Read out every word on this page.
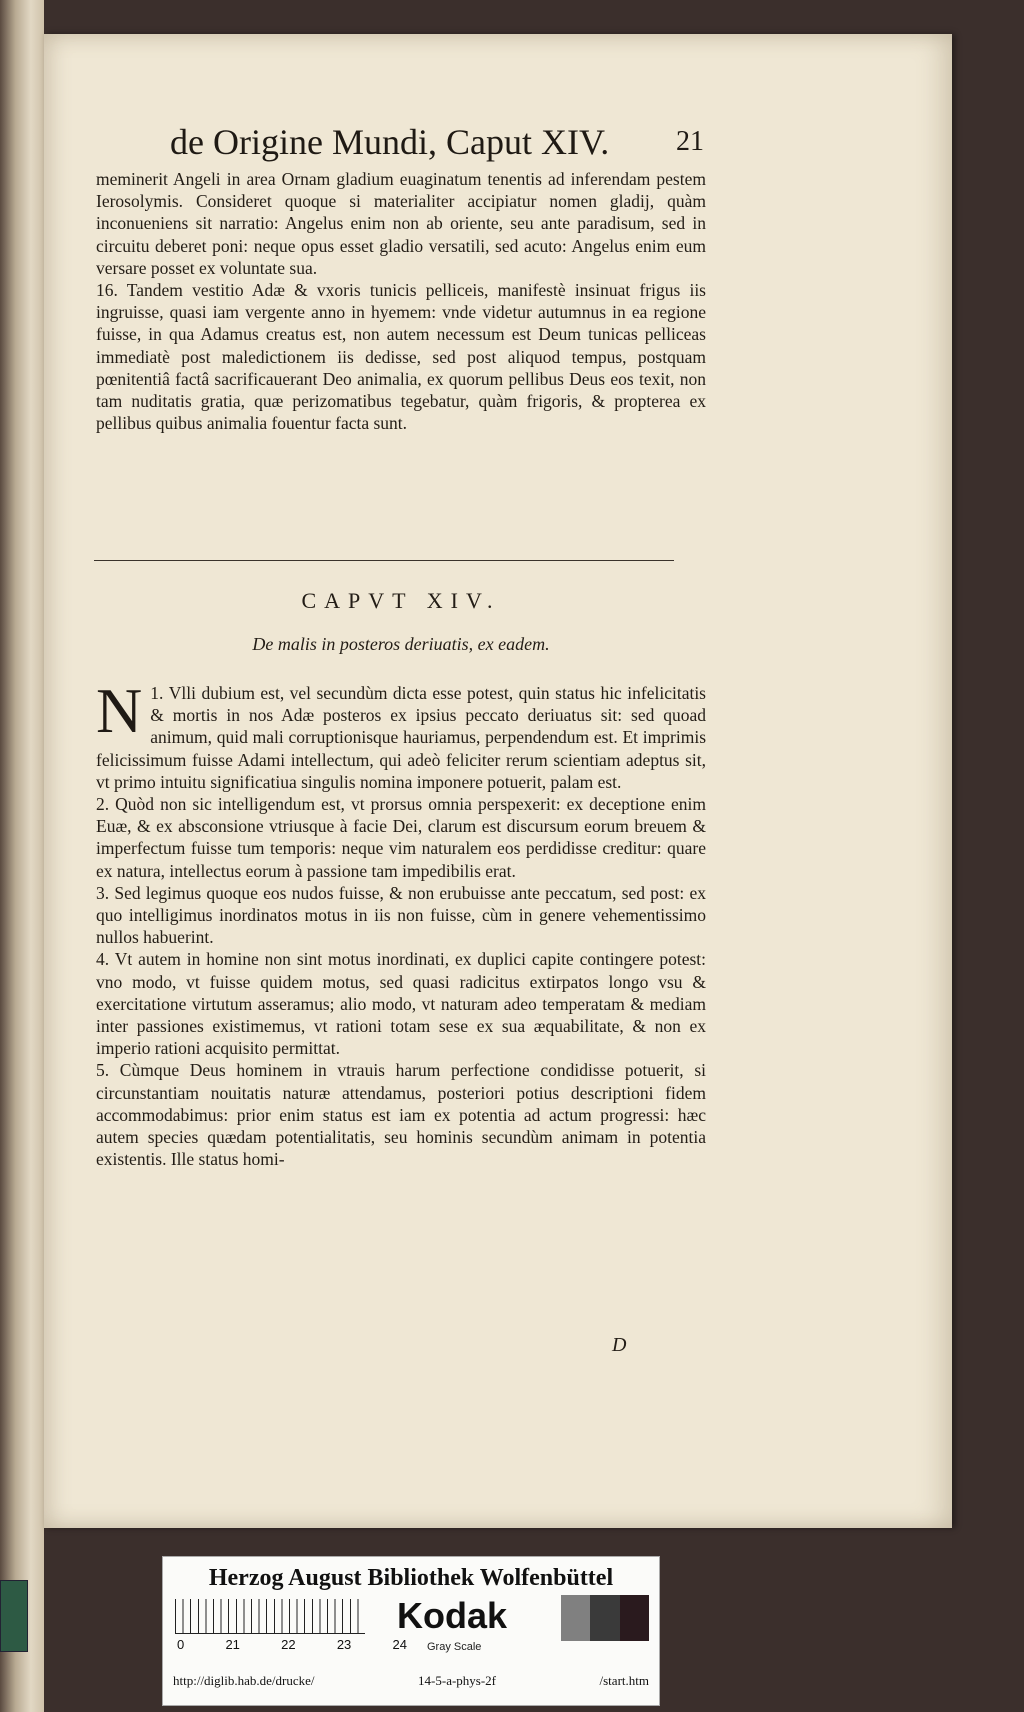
de Origine Mundi, Caput XIV.	21

meminerit Angeli in area Ornam gladium euaginatum tenentis ad inferendam pestem Ierosolymis. Consideret quoque si materialiter accipiatur nomen gladij, quàm inconueniens sit narratio: Angelus enim non ab oriente, seu ante paradisum, sed in circuitu deberet poni: neque opus esset gladio versatili, sed acuto: Angelus enim eum versare posset ex voluntate sua.

16. Tandem vestitio Adæ & vxoris tunicis pelliceis, manifestè insinuat frigus iis ingruisse, quasi iam vergente anno in hyemem: vnde videtur autumnus in ea regione fuisse, in qua Adamus creatus est, non autem necessum est Deum tunicas pelliceas immediatè post maledictionem iis dedisse, sed post aliquod tempus, postquam pœnitentiâ factâ sacrificauerant Deo animalia, ex quorum pellibus Deus eos texit, non tam nuditatis gratia, quæ perizomatibus tegebatur, quàm frigoris, & propterea ex pellibus quibus animalia fouentur facta sunt.

CAPVT XIV.
De malis in posteros deriuatis, ex eadem.

1.
N Vlli dubium est, vel secundùm dicta esse potest, quin status hic infelicitatis & mortis in nos Adæ posteros ex ipsius peccato deriuatus sit: sed quoad animum, quid mali corruptionisque hauriamus, perpendendum est. Et imprimis felicissimum fuisse Adami intellectum, qui adeò feliciter rerum scientiam adeptus sit, vt primo intuitu significatiua singulis nomina imponere potuerit, palam est.

2. Quòd non sic intelligendum est, vt prorsus omnia perspexerit: ex deceptione enim Euæ, & ex absconsione vtriusque à facie Dei, clarum est discursum eorum breuem & imperfectum fuisse tum temporis: neque vim naturalem eos perdidisse creditur: quare ex natura, intellectus eorum à passione tam impedibilis erat.

3. Sed legimus quoque eos nudos fuisse, & non erubuisse ante peccatum, sed post: ex quo intelligimus inordinatos motus in iis non fuisse, cùm in genere vehementissimo nullos habuerint.

4. Vt autem in homine non sint motus inordinati, ex duplici capite contingere potest: vno modo, vt fuisse quidem motus, sed quasi radicitus extirpatos longo vsu & exercitatione virtutum asseramus; alio modo, vt naturam adeo temperatam & mediam inter passiones existimemus, vt rationi totam sese ex sua æquabilitate, & non ex imperio rationi acquisito permittat.

5. Cùmque Deus hominem in vtrauis harum perfectione condidisse potuerit, si circunstantiam nouitatis naturæ attendamus, posteriori potius descriptioni fidem accommodabimus: prior enim status est iam ex potentia ad actum progressi: hæc autem species quædam potentialitatis, seu hominis secundùm animam in potentia existentis. Ille status homi-

D
Herzog August Bibliothek Wolfenbüttel
0	21	22	23	24
Kodak
Gray Scale
http://diglib.hab.de/drucke/	14-5-a-phys-2f	/start.htm
